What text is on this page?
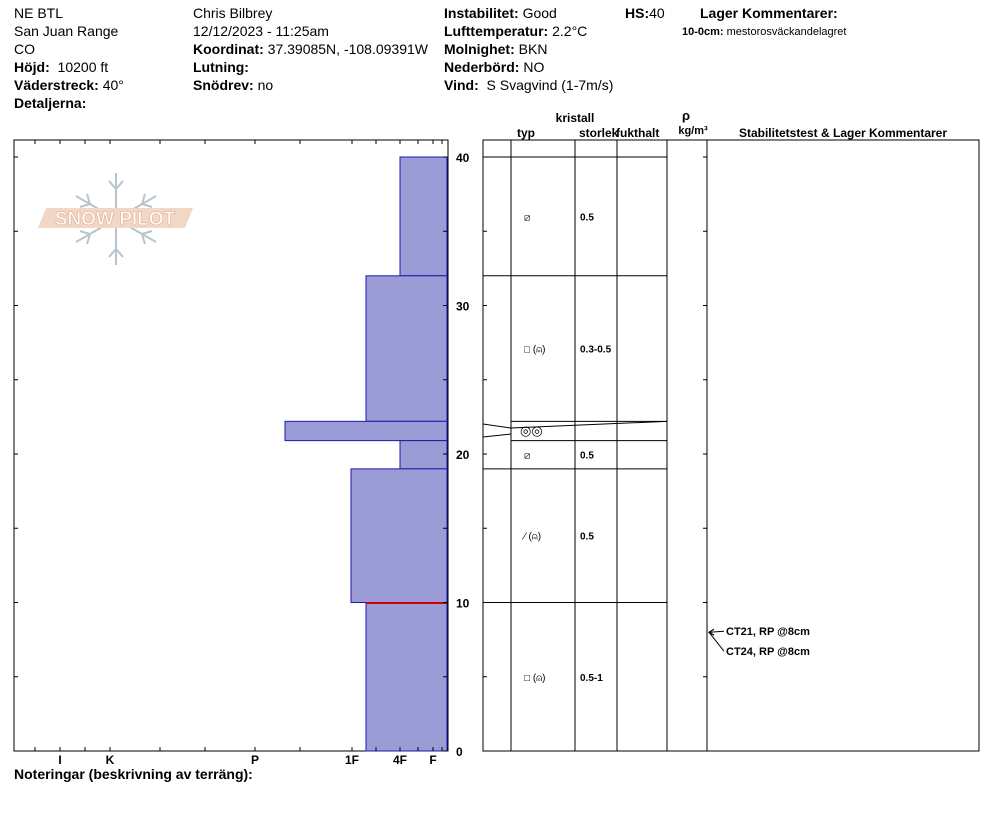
NE BTL
San Juan Range
CO
Höjd: 10200 ft
Väderstreck: 40°
Detaljerna:
Chris Bilbrey
12/12/2023 - 11:25am
Koordinat: 37.39085N, -108.09391W
Lutning:
Snödrev: no
Instabilitet: Good	HS:40
Lufttemperatur: 2.2°C
Molnighet: BKN
Nederbörd: NO
Vind: S Svagvind (1-7m/s)
Lager Kommentarer:
10-0cm: mestorosväckandelagret
Noteringar (beskrivning av terräng):
SNOW PILOT
0
10
20
30
40
I	K	P	1F	4F F
⧄	0.5
□ (⍝)	0.3-0.5
◎◎
⧄	0.5
⁄ (⍝)	0.5
□ (⍝)	0.5-1
typ
kristall
storlek
fukthalt
ρ
kg/m³	Stabilitetstest & Lager Kommentarer
CT21, RP @8cm
CT24, RP @8cm
